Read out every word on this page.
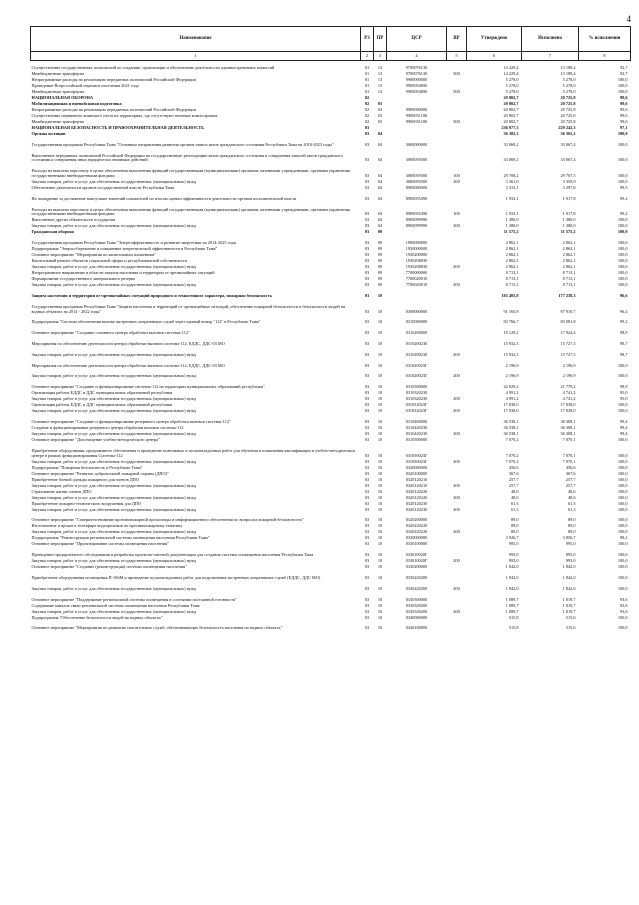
4
Наименование	РЗ	ПР	ЦСР	ВР	Утверждено	Исполнено	% исполнения
1	2	3	4	5	6	7	8
Осуществление государственных полномочий по созданию, организации и обеспечению деятельности административных комиссий	01	13	9700076130		14 229,4	13 188,4	92,7
Межбюджетные трансферты	01	13	9700076130	500	14 229,4	13 188,4	92,7
Непрограммные расходы на реализацию переданных полномочий Российской Федерации	01	13	9900000000		5 278,0	5 278,0	100,0
Проведение Всероссийской переписи населения 2021 года	01	13	9900054690		5 278,0	5 278,0	100,0
Межбюджетные трансферты	01	13	9900054690	500	5 278,0	5 278,0	100,0
НАЦИОНАЛЬНАЯ ОБОРОНА	02				20 802,7	20 725,8	99,6
Мобилизационная и вневойсковая подготовка	02	03			20 802,7	20 725,8	99,6
Непрограммные расходы на реализацию переданных полномочий Российской Федерации	02	03	9900000000		20 802,7	20 725,8	99,6
Осуществление первичного воинского учета на территориях, где отсутствуют военные комиссариаты	02	03	9900051180		20 802,7	20 725,8	99,6
Межбюджетные трансферты	02	03	9900051180	500	20 802,7	20 725,8	99,6
НАЦИОНАЛЬНАЯ БЕЗОПАСНОСТЬ И ПРАВООХРАНИТЕЛЬНАЯ ДЕЯТЕЛЬНОСТЬ	03				236 077,3	229 242,3	97,1
Органы юстиции	03	04			36 382,3	36 365,2	100,0
Государственная программа Республики Тыва "Основные направления развития органов записи актов гражданского состояния Республики Тыва на 2018-2023 годы"	03	04	3000000000		33 069,2	33 067,4	100,0
Выполнение переданных полномочий Российской Федерации на государственную регистрацию актов гражданского состояния и совершения записей актов гражданского состояния и совершения иных юридически значимых действий	03	04	3000059300		33 069,2	33 067,4	100,0
Расходы на выплаты персоналу в целях обеспечения выполнения функций государственными (муниципальными) органами, казенными учреждениями, органами управления государственными внебюджетными фондами	03	04	3000059300	100	29 708,2	29 707,5	100,0
Закупка товаров, работ и услуг для обеспечения государственных (муниципальных) нужд	03	04	3000059300	200	3 361,0	3 359,9	100,0
Обеспечение деятельности органов государственной власти Республики Тыва	03	04	8900000000		3 313,1	3 297,8	99,5
На поощрение за достижение наилучших значений показателей по итогам оценки эффективности деятельности органов исполнительной власти	03	04	8900055490		1 933,1	1 917,8	99,2
Расходы на выплаты персоналу в целях обеспечения выполнения функций государственными (муниципальными) органами, казенными учреждениями, органами управления государственными внебюджетными фондами	03	04	8900055490	100	1 933,1	1 917,8	99,2
Выполнение других обязательств государства	03	04	8900099990		1 380,0	1 380,0	100,0
Закупка товаров, работ и услуг для обеспечения государственных (муниципальных) нужд	03	04	8900099990	200	1 380,0	1 380,0	100,0
Гражданская оборона	03	09			11 575,2	11 575,2	100,0
Государственная программа Республики Тыва "Энергоэффективность и развитие энергетики на 2014-2025 годы	03	09	1900000000		2 862,1	2 862,1	100,0
Подпрограмма "Энергосбережение и повышение энергетической эффективности в Республике Тыва"	03	09	1930000000		2 862,1	2 862,1	100,0
Основное мероприятие "Мероприятия по капитальным вложениям"	03	09	1930200000		2 862,1	2 862,1	100,0
Капитальный ремонт объектов социальной сферы и республиканской собственности	03	09	1930208830		2 862,1	2 862,1	100,0
Закупка товаров, работ и услуг для обеспечения государственных (муниципальных) нужд	03	09	1930208830	200	2 862,1	2 862,1	100,0
Непрограммное направление в области защиты населения и территории от чрезвычайных ситуаций	03	09	7700000000		8 713,1	8 713,1	100,0
Формирование государственного материального резерва	03	09	7700020010		8 713,1	8 713,1	100,0
Закупка товаров, работ и услуг для обеспечения государственных (муниципальных) нужд	03	09	7700020010	200	8 713,1	8 713,1	100,0
Защита населения и территории от чрезвычайных ситуаций природного и техногенного характера, пожарная безопасность	03	10			183 483,8	177 238,3	96,6
Государственная программа Республики Тыва "Защита населения и территорий от чрезвычайных ситуаций, обеспечение пожарной безопасности и безопасности людей на водных объектах на 2014 - 2022 годы"	03	10	0300000000		91 165,8	87 910,7	96,4
Подпрограмма "Система обеспечения вызова экстренных оперативных служб через единый номер "112" в Республике Тыва"	03	10	0310000000		83 766,7	83 081,8	99,2
Основное мероприятие "Создание основного центра обработки вызовов системы-112"	03	10	0310200000		18 129,2	17 924,4	98,9
Мероприятия по обеспечению деятельности центра обработки вызовов системы-112, ЕДДС, ДДС-03 МО	03	10	0310200230		15 932,3	15 727,5	98,7
Закупка товаров, работ и услуг для обеспечения государственных (муниципальных) нужд	03	10	0310200230	200	15 932,3	15 727,5	98,7
Мероприятия по обеспечению деятельности центра обработки вызовов системы-112, ЕДДС, ДДС-03 МО	03	10	031020023Г		2 196,9	2 196,9	100,0
Закупка товаров, работ и услуг для обеспечения государственных (муниципальных) нужд	03	10	031020023Г	200	2 196,9	2 196,9	100,0
Основное мероприятие "Создание и функционирование системы-112 на территории муниципальных образований республики"	03	10	0310300000		22 029,2	21 779,2	98,9
Организация работы ЕДДС и ДДС муниципальных образований республики	03	10	0310320230		4 991,2	4 741,2	95,0
Закупка товаров, работ и услуг для обеспечения государственных (муниципальных) нужд	03	10	0310320230	200	4 991,2	4 741,2	95,0
Организация работы ЕДДС и ДДС муниципальных образований республики	03	10	031032023Г		17 038,0	17 038,0	100,0
Закупка товаров, работ и услуг для обеспечения государственных (муниципальных) нужд	03	10	031032023Г	200	17 038,0	17 038,0	100,0
Основное мероприятие "Создание и функционирование резервного центра обработки вызовов системы-112"	03	10	0310400000		36 538,1	36 308,1	99,4
Создание и функционирование резервного центра обработки вызовов системы-112	03	10	0310420230		36 538,1	36 308,1	99,4
Закупка товаров, работ и услуг для обеспечения государственных (муниципальных) нужд	03	10	0310420230	200	36 538,1	36 308,1	99,4
Основное мероприятие "Дооснащение учебно-методического центра"	03	10	0310500000		7 070,2	7 070,1	100,0
Приобретение оборудования, программного обеспечения и проведение монтажных и пусконаладочных работ для обучения и повышения квалификации в учебно-методическом центре в рамках функционирования Системы-112	03	10	031050023Г		7 070,2	7 070,1	100,0
Закупка товаров, работ и услуг для обеспечения государственных (муниципальных) нужд	03	10	031050023Г	200	7 070,2	7 070,1	100,0
Подпрограмма "Пожарная безопасность в Республике Тыва"	03	10	0320000000		456,6	456,6	100,0
Основное мероприятие "Развитие добровольной пожарной охраны (ДПО)"	03	10	0320100000		367,6	367,6	100,0
Приобретение боевой одежды пожарного для членов ДПО	03	10	0320120210		257,7	257,7	100,0
Закупка товаров, работ и услуг для обеспечения государственных (муниципальных) нужд	03	10	0320120210	200	257,7	257,7	100,0
Страхование жизни членов ДПО	03	10	0320120220		48,6	48,6	100,0
Закупка товаров, работ и услуг для обеспечения государственных (муниципальных) нужд	03	10	0320120220	200	48,6	48,6	100,0
Приобретение пожарно-технического вооружения для ДПО	03	10	0320120230		61,3	61,3	100,0
Закупка товаров, работ и услуг для обеспечения государственных (муниципальных) нужд	03	10	0320120230	200	61,3	61,3	100,0
Основное мероприятие "Совершенствование противопожарной пропаганды и информационного обеспечения по вопросам пожарной безопасности"	03	10	0320200000		89,0	89,0	100,0
Изготовление и прокат в телеэфире видеороликов по противопожарному тематику	03	10	0320220220		89,0	89,0	100,0
Закупка товаров, работ и услуг для обеспечения государственных (муниципальных) нужд	03	10	0320220220	200	89,0	89,0	100,0
Подпрограмма "Реконструкция региональной системы оповещения населения Республики Тыва"	03	10	0330000000		3 926,7	3 856,7	98,2
Основное мероприятие "Проектирование системы оповещения населения"	03	10	0330100000		995,0	995,0	100,0
Проведение предпроектного обследования и разработка проектно-сметной документации для создания системы оповещения населения Республики Тыва	03	10	033010020Г		995,0	995,0	100,0
Закупка товаров, работ и услуг для обеспечения государственных (муниципальных) нужд	03	10	033010020Г	200	995,0	995,0	100,0
Основное мероприятие "Создание (реконструкция) системы оповещения населения"	03	10	0330200000		1 842,0	1 842,0	100,0
Приобретение оборудования оповещения П-166М и проведение пусконаладочных работ для подключения экстренных оперативных служб (ЕДДС, ДДС МО)	03	10	0330220200		1 842,0	1 842,0	100,0
Закупка товаров, работ и услуг для обеспечения государственных (муниципальных) нужд	03	10	0330220200	200	1 842,0	1 842,0	100,0
Основное мероприятие "Поддержание региональной системы оповещения в состоянии постоянной готовности"	03	10	0330300000		1 089,7	1 019,7	93,6
Содержание каналов связи региональной системы оповещения населения Республики Тыва	03	10	0330320200		1 089,7	1 019,7	93,6
Закупка товаров, работ и услуг для обеспечения государственных (муниципальных) нужд	03	10	0330320200	200	1 089,7	1 019,7	93,6
Подпрограмма "Обеспечение безопасности людей на водных объектах"	03	10	0340000000		515,8	515,6	100,0
Основное мероприятие "Мероприятия по развитию спасательных служб, обеспечивающих безопасность населения на водных объектах"	03	10	0340100000		515,8	515,6	100,0
